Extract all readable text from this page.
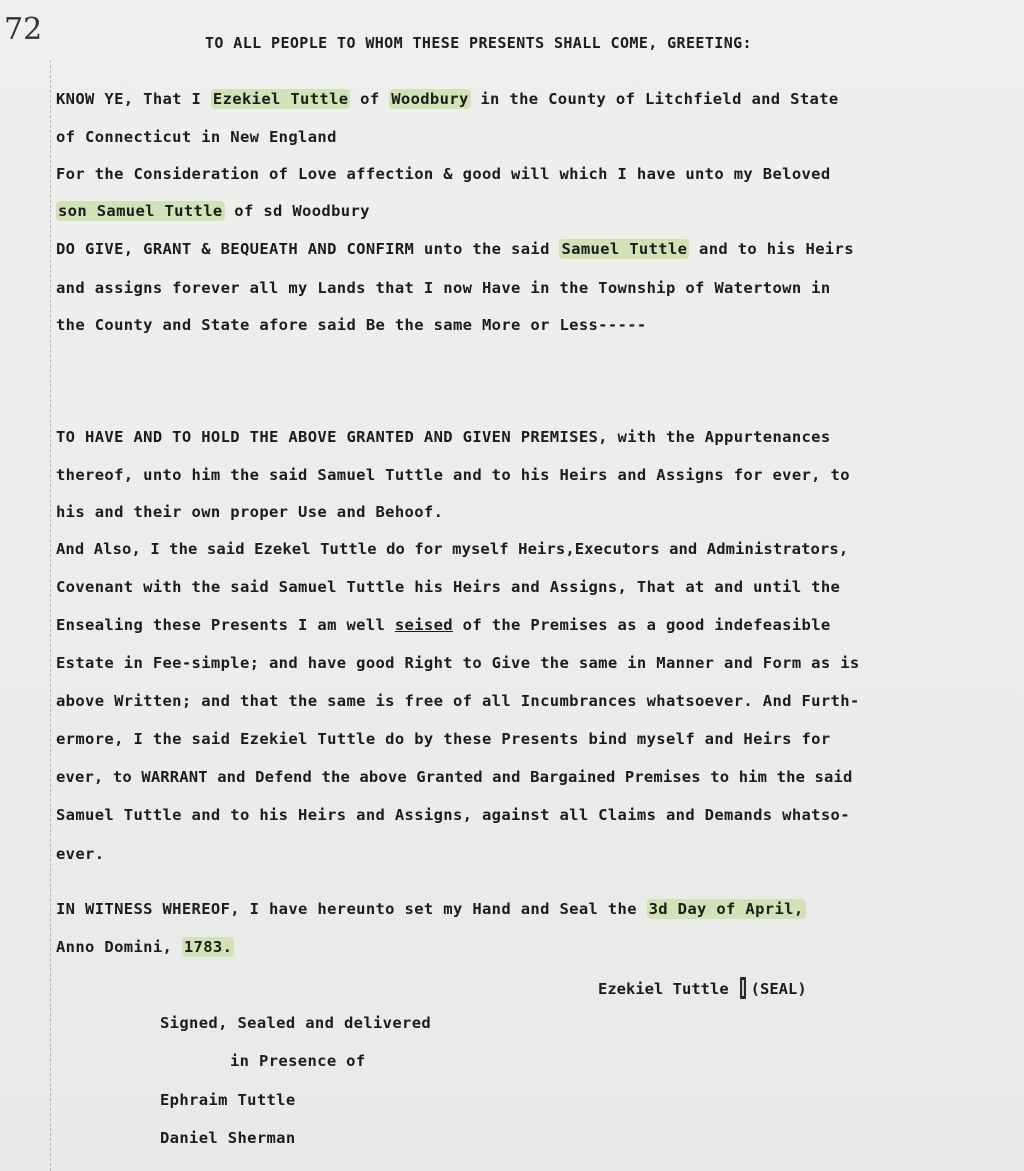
72	TO ALL PEOPLE TO WHOM THESE PRESENTS SHALL COME, GREETING:
KNOW YE, That I Ezekiel Tuttle of Woodbury in the County of Litchfield and State
of Connecticut in New England
For the Consideration of Love affection & good will which I have unto my Beloved
son Samuel Tuttle of sd Woodbury
DO GIVE, GRANT & BEQUEATH AND CONFIRM unto the said Samuel Tuttle and to his Heirs
and assigns forever all my Lands that I now Have in the Township of Watertown in
the County and State afore said Be the same More or Less-----
TO HAVE AND TO HOLD THE ABOVE GRANTED AND GIVEN PREMISES, with the Appurtenances
thereof, unto him the said Samuel Tuttle and to his Heirs and Assigns for ever, to
his and their own proper Use and Behoof.
And Also, I the said Ezekel Tuttle do for myself Heirs,Executors and Administrators,
Covenant with the said Samuel Tuttle his Heirs and Assigns, That at and until the
Ensealing these Presents I am well seised of the Premises as a good indefeasible
Estate in Fee-simple; and have good Right to Give the same in Manner and Form as is
above Written; and that the same is free of all Incumbrances whatsoever. And Furth-
ermore, I the said Ezekiel Tuttle do by these Presents bind myself and Heirs for
ever, to WARRANT and Defend the above Granted and Bargained Premises to him the said
Samuel Tuttle and to his Heirs and Assigns, against all Claims and Demands whatso-
ever.
IN WITNESS WHEREOF, I have hereunto set my Hand and Seal the 3d Day of April,
Anno Domini, 1783.
Ezekiel Tuttle (SEAL)
Signed, Sealed and delivered
in Presence of
Ephraim Tuttle
Daniel Sherman
